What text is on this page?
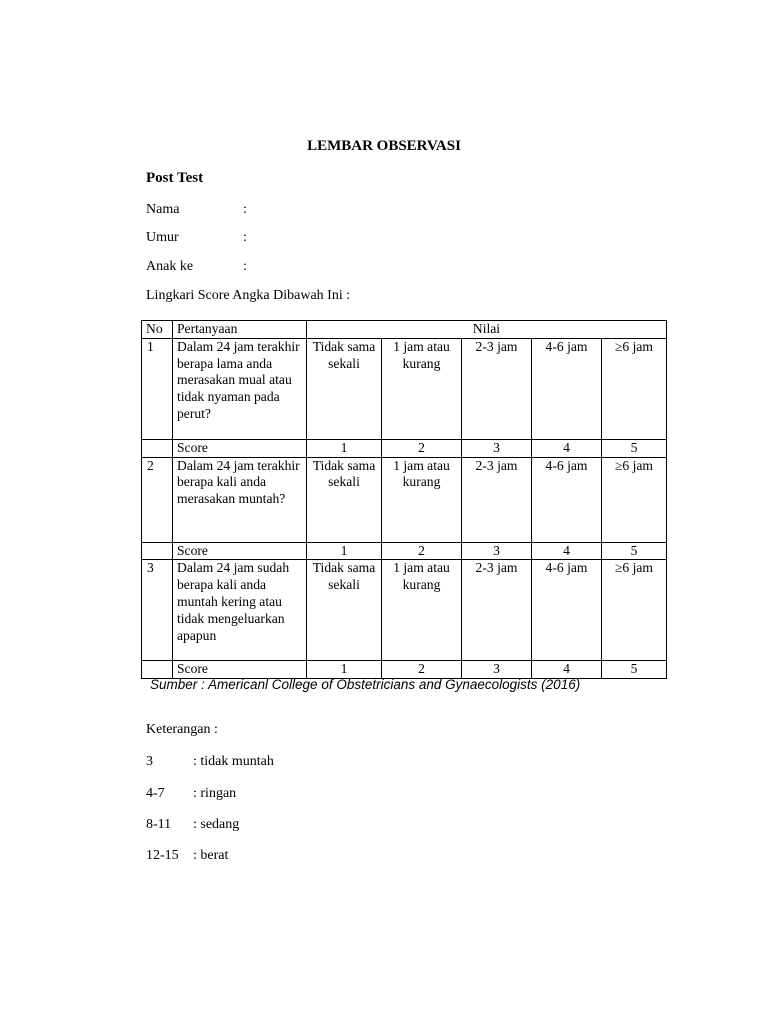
LEMBAR OBSERVASI
Post Test
Nama	:
Umur	:
Anak ke	:
Lingkari Score Angka Dibawah Ini :
No	Pertanyaan	Nilai				
1	Dalam 24 jam terakhir berapa lama anda merasakan mual atau tidak nyaman pada perut?	Tidak sama sekali	1 jam atau kurang	2-3 jam	4-6 jam	≥6 jam
	Score	1	2	3	4	5
2	Dalam 24 jam terakhir berapa kali anda merasakan muntah?	Tidak sama sekali	1 jam atau kurang	2-3 jam	4-6 jam	≥6 jam
	Score	1	2	3	4	5
3	Dalam 24 jam sudah berapa kali anda muntah kering atau tidak mengeluarkan apapun	Tidak sama sekali	1 jam atau kurang	2-3 jam	4-6 jam	≥6 jam
	Score	1	2	3	4	5
Sumber : Americanl College of Obstetricians and Gynaecologists (2016)
Keterangan :
3	: tidak muntah
4-7 : ringan
8-11 : sedang
12-15 : berat
